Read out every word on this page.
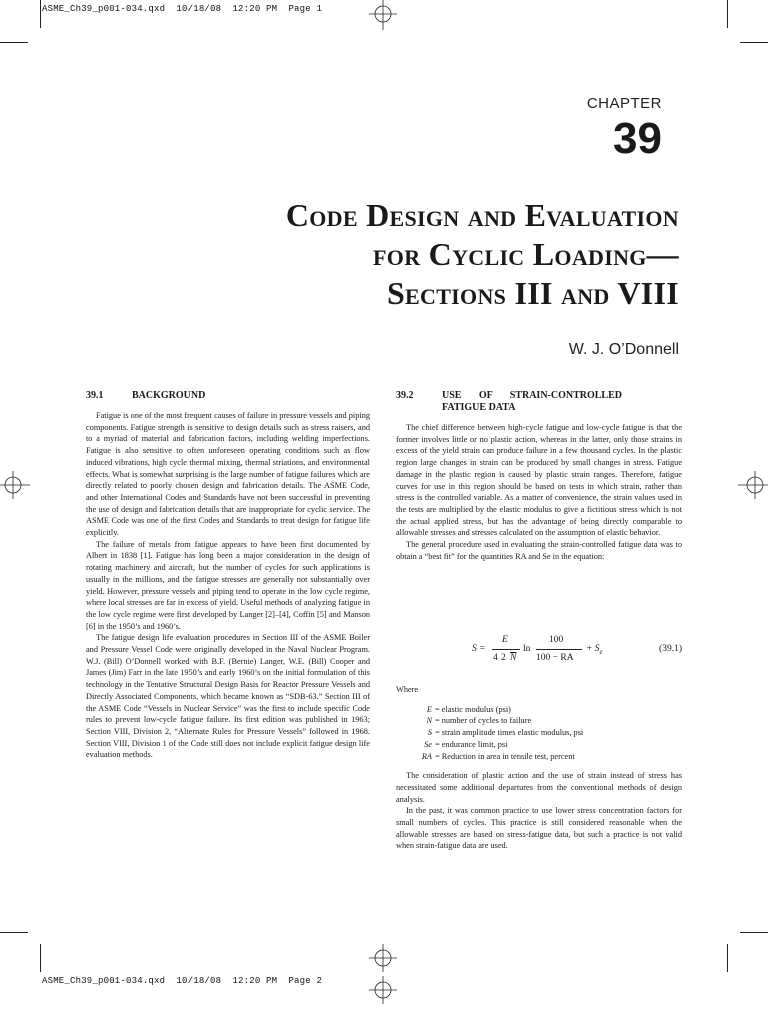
ASME_Ch39_p001-034.qxd  10/18/08  12:20 PM  Page 1
ASME_Ch39_p001-034.qxd  10/18/08  12:20 PM  Page 2
CHAPTER
39
Code Design and Evaluation
for Cyclic Loading—
Sections III and VIII
W. J. O’Donnell
39.1	BACKGROUND

Fatigue is one of the most frequent causes of failure in pressure vessels and piping components. Fatigue strength is sensitive to design details such as stress raisers, and to a myriad of material and fabrication factors, including welding imperfections. Fatigue is also sensitive to often unforeseen operating conditions such as flow induced vibrations, high cycle thermal mixing, thermal striations, and environmental effects. What is somewhat surprising is the large number of fatigue failures which are directly related to poorly chosen design and fabrication details. The ASME Code, and other International Codes and Standards have not been successful in preventing the use of design and fabrication details that are inappropriate for cyclic service. The ASME Code was one of the first Codes and Standards to treat design for fatigue life explicitly.

The failure of metals from fatigue appears to have been first documented by Albert in 1838 [1]. Fatigue has long been a major consideration in the design of rotating machinery and aircraft, but the number of cycles for such applications is usually in the millions, and the fatigue stresses are generally not substantially over yield. However, pressure vessels and piping tend to operate in the low cycle regime, where local stresses are far in excess of yield. Useful methods of analyzing fatigue in the low cycle regime were first developed by Langer [2]–[4], Coffin [5] and Manson [6] in the 1950’s and 1960’s.

The fatigue design life evaluation procedures in Section III of the ASME Boiler and Pressure Vessel Code were originally developed in the Naval Nuclear Program. W.J. (Bill) O’Donnell worked with B.F. (Bernie) Langer, W.E. (Bill) Cooper and James (Jim) Farr in the late 1950’s and early 1960’s on the initial formulation of this technology in the Tentative Structural Design Basis for Reactor Pressure Vessels and Directly Associated Components, which became known as “SDB-63.” Section III of the ASME Code “Vessels in Nuclear Service” was the first to include specific Code rules to prevent low-cycle fatigue failure. Its first edition was published in 1963; Section VIII, Division 2, “Alternate Rules for Pressure Vessels” followed in 1968. Section VIII, Division 1 of the Code still does not include explicit fatigue design life evaluation methods.

39.2	USE OF STRAIN-CONTROLLED FATIGUE DATA

The chief difference between high-cycle fatigue and low-cycle fatigue is that the former involves little or no plastic action, whereas in the latter, only those strains in excess of the yield strain can produce failure in a few thousand cycles. In the plastic region large changes in strain can be produced by small changes in stress. Fatigue damage in the plastic region is caused by plastic strain ranges. Therefore, fatigue curves for use in this region should be based on tests in which strain, rather than stress is the controlled variable. As a matter of convenience, the strain values used in the tests are multiplied by the elastic modulus to give a fictitious stress which is not the actual applied stress, but has the advantage of being directly comparable to allowable stresses and stresses calculated on the assumption of elastic behavior.

The general procedure used in evaluating the strain-controlled fatigue data was to obtain a “best fit” for the quantities RA and Se in the equation:

S =
E
4 2 $\overline{N}$
ln
100
100 − RA
+ $S_e$	(39.1)

Where

E = elastic modulus (psi)
N = number of cycles to failure
S = strain amplitude times elastic modulus, psi
Se = endurance limit, psi
RA = Reduction in area in tensile test, percent

The consideration of plastic action and the use of strain instead of stress has necessitated some additional departures from the conventional methods of design analysis.

In the past, it was common practice to use lower stress concentration factors for small numbers of cycles. This practice is still considered reasonable when the allowable stresses are based on stress-fatigue data, but such a practice is not valid when strain-fatigue data are used.
